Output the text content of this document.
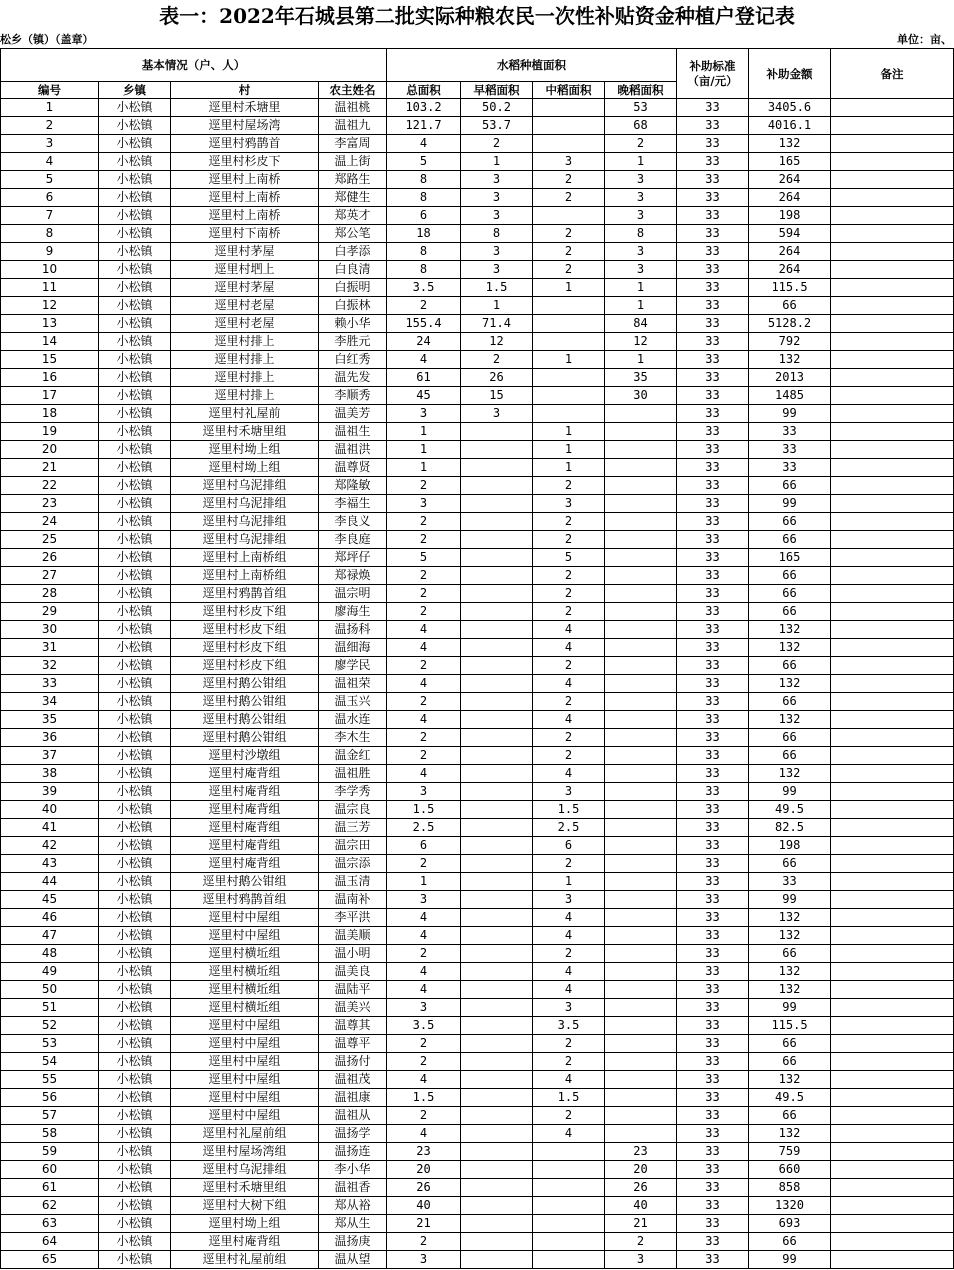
表一：2022年石城县第二批实际种粮农民一次性补贴资金种植户登记表
松乡（镇）（盖章）	单位：亩、
基本情况（户、人）				水稻种植面积				补助标准（亩/元）	补助金额	备注
编号	乡镇	村	农主姓名	总面积	早稻面积	中稻面积	晚稻面积			
1	小松镇	逕里村禾塘里	温祖桃	103.2	50.2		53	33	3405.6	
2	小松镇	逕里村屋场湾	温祖九	121.7	53.7		68	33	4016.1	
3	小松镇	逕里村鸦鹊首	李富周	4	2		2	33	132	
4	小松镇	逕里村杉皮下	温上街	5	1	3	1	33	165	
5	小松镇	逕里村上南桥	郑路生	8	3	2	3	33	264	
6	小松镇	逕里村上南桥	郑健生	8	3	2	3	33	264	
7	小松镇	逕里村上南桥	郑英才	6	3		3	33	198	
8	小松镇	逕里村下南桥	郑公笔	18	8	2	8	33	594	
9	小松镇	逕里村茅屋	白孝添	8	3	2	3	33	264	
10	小松镇	逕里村垇上	白良清	8	3	2	3	33	264	
11	小松镇	逕里村茅屋	白振明	3.5	1.5	1	1	33	115.5	
12	小松镇	逕里村老屋	白振林	2	1		1	33	66	
13	小松镇	逕里村老屋	赖小华	155.4	71.4		84	33	5128.2	
14	小松镇	逕里村排上	李胜元	24	12		12	33	792	
15	小松镇	逕里村排上	白红秀	4	2	1	1	33	132	
16	小松镇	逕里村排上	温先发	61	26		35	33	2013	
17	小松镇	逕里村排上	李顺秀	45	15		30	33	1485	
18	小松镇	逕里村礼屋前	温美芳	3	3			33	99	
19	小松镇	逕里村禾塘里组	温祖生	1		1		33	33	
20	小松镇	逕里村坳上组	温祖洪	1		1		33	33	
21	小松镇	逕里村坳上组	温尊贤	1		1		33	33	
22	小松镇	逕里村乌泥排组	郑隆敏	2		2		33	66	
23	小松镇	逕里村乌泥排组	李福生	3		3		33	99	
24	小松镇	逕里村乌泥排组	李良义	2		2		33	66	
25	小松镇	逕里村乌泥排组	李良庭	2		2		33	66	
26	小松镇	逕里村上南桥组	郑坪仔	5		5		33	165	
27	小松镇	逕里村上南桥组	郑禄焕	2		2		33	66	
28	小松镇	逕里村鸦鹊首组	温宗明	2		2		33	66	
29	小松镇	逕里村杉皮下组	廖海生	2		2		33	66	
30	小松镇	逕里村杉皮下组	温扬科	4		4		33	132	
31	小松镇	逕里村杉皮下组	温细海	4		4		33	132	
32	小松镇	逕里村杉皮下组	廖学民	2		2		33	66	
33	小松镇	逕里村鹅公钳组	温祖荣	4		4		33	132	
34	小松镇	逕里村鹅公钳组	温玉兴	2		2		33	66	
35	小松镇	逕里村鹅公钳组	温水连	4		4		33	132	
36	小松镇	逕里村鹅公钳组	李木生	2		2		33	66	
37	小松镇	逕里村沙墩组	温金红	2		2		33	66	
38	小松镇	逕里村庵背组	温祖胜	4		4		33	132	
39	小松镇	逕里村庵背组	李学秀	3		3		33	99	
40	小松镇	逕里村庵背组	温宗良	1.5		1.5		33	49.5	
41	小松镇	逕里村庵背组	温三芳	2.5		2.5		33	82.5	
42	小松镇	逕里村庵背组	温宗田	6		6		33	198	
43	小松镇	逕里村庵背组	温宗添	2		2		33	66	
44	小松镇	逕里村鹅公钳组	温玉清	1		1		33	33	
45	小松镇	逕里村鸦鹊首组	温南补	3		3		33	99	
46	小松镇	逕里村中屋组	李平洪	4		4		33	132	
47	小松镇	逕里村中屋组	温美顺	4		4		33	132	
48	小松镇	逕里村横坵组	温小明	2		2		33	66	
49	小松镇	逕里村横坵组	温美良	4		4		33	132	
50	小松镇	逕里村横坵组	温陆平	4		4		33	132	
51	小松镇	逕里村横坵组	温美兴	3		3		33	99	
52	小松镇	逕里村中屋组	温尊其	3.5		3.5		33	115.5	
53	小松镇	逕里村中屋组	温尊平	2		2		33	66	
54	小松镇	逕里村中屋组	温扬付	2		2		33	66	
55	小松镇	逕里村中屋组	温祖茂	4		4		33	132	
56	小松镇	逕里村中屋组	温祖康	1.5		1.5		33	49.5	
57	小松镇	逕里村中屋组	温祖从	2		2		33	66	
58	小松镇	逕里村礼屋前组	温扬学	4		4		33	132	
59	小松镇	逕里村屋场湾组	温扬连	23			23	33	759	
60	小松镇	逕里村乌泥排组	李小华	20			20	33	660	
61	小松镇	逕里村禾塘里组	温祖香	26			26	33	858	
62	小松镇	逕里村大树下组	郑从裕	40			40	33	1320	
63	小松镇	逕里村坳上组	郑从生	21			21	33	693	
64	小松镇	逕里村庵背组	温扬庚	2			2	33	66	
65	小松镇	逕里村礼屋前组	温从望	3			3	33	99	
